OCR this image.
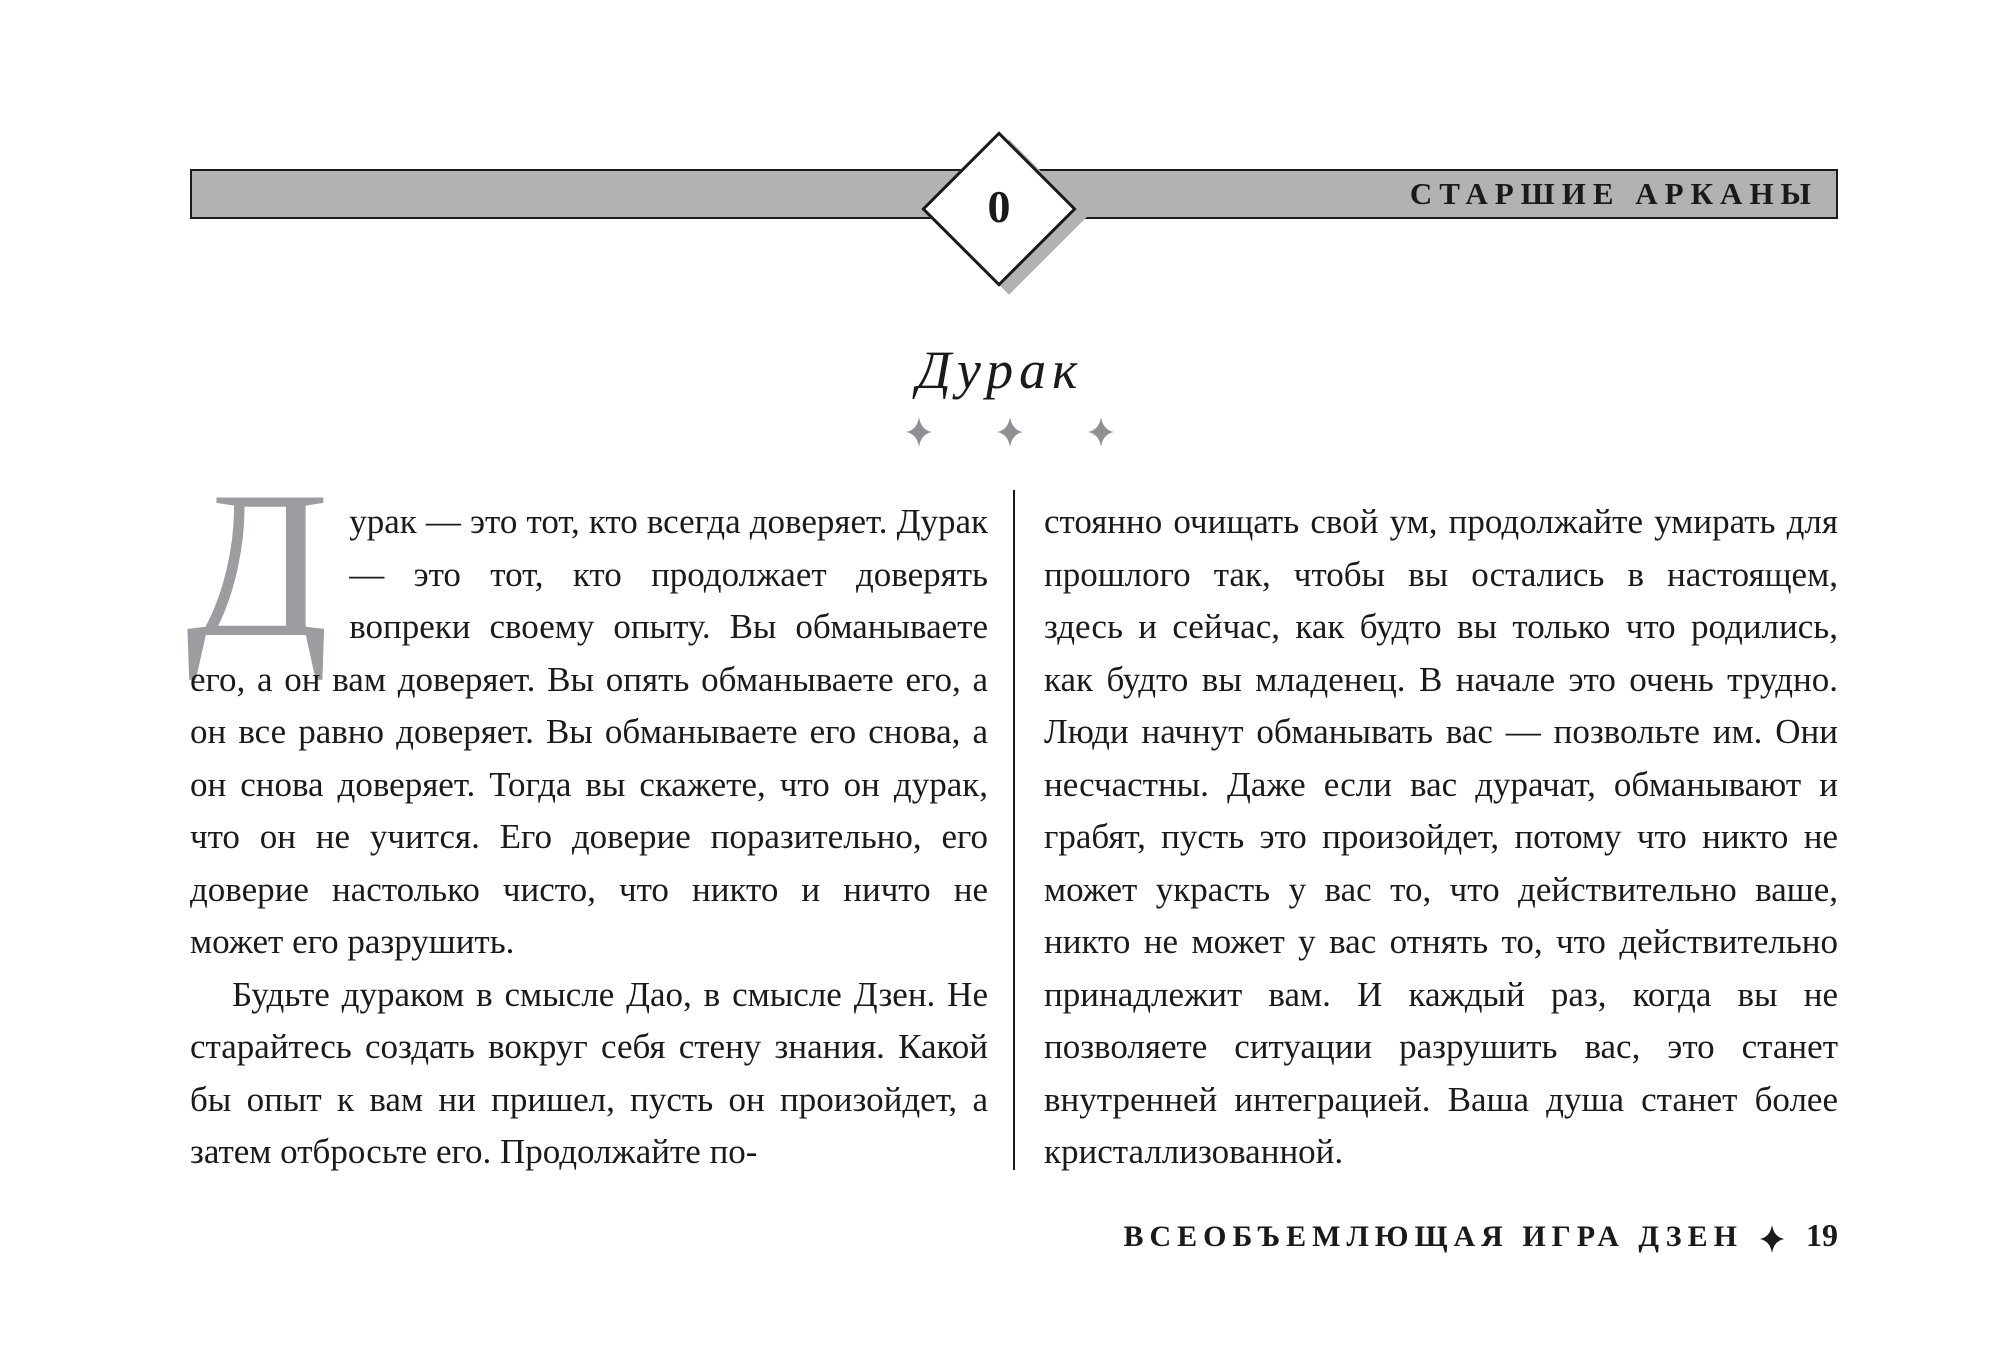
СТАРШИЕ АРКАНЫ
0
Дурак

Д урак — это тот, кто всегда доверяет. Дурак — это тот, кто продолжает доверять вопреки своему опыту. Вы обманываете его, а он вам доверяет. Вы опять обманываете его, а он все равно доверяет. Вы обманываете его снова, а он снова доверяет. Тогда вы скажете, что он дурак, что он не учится. Его доверие поразительно, его доверие настолько чисто, что никто и ничто не может его разрушить.

Будьте дураком в смысле Дао, в смысле Дзен. Не старайтесь создать вокруг себя стену знания. Какой бы опыт к вам ни пришел, пусть он произойдет, а затем отбросьте его. Продолжайте по-

стоянно очищать свой ум, продолжайте умирать для прошлого так, чтобы вы остались в настоящем, здесь и сейчас, как будто вы только что родились, как будто вы младенец. В начале это очень трудно. Люди начнут обманывать вас — позвольте им. Они несчастны. Даже если вас дурачат, обманывают и грабят, пусть это произойдет, потому что никто не может украсть у вас то, что действительно ваше, никто не может у вас отнять то, что действительно принадлежит вам. И каждый раз, когда вы не позволяете ситуации разрушить вас, это станет внутренней интеграцией. Ваша душа станет более кристаллизованной.

ВСЕОБЪЕМЛЮЩАЯ ИГРА ДЗЕН 19
